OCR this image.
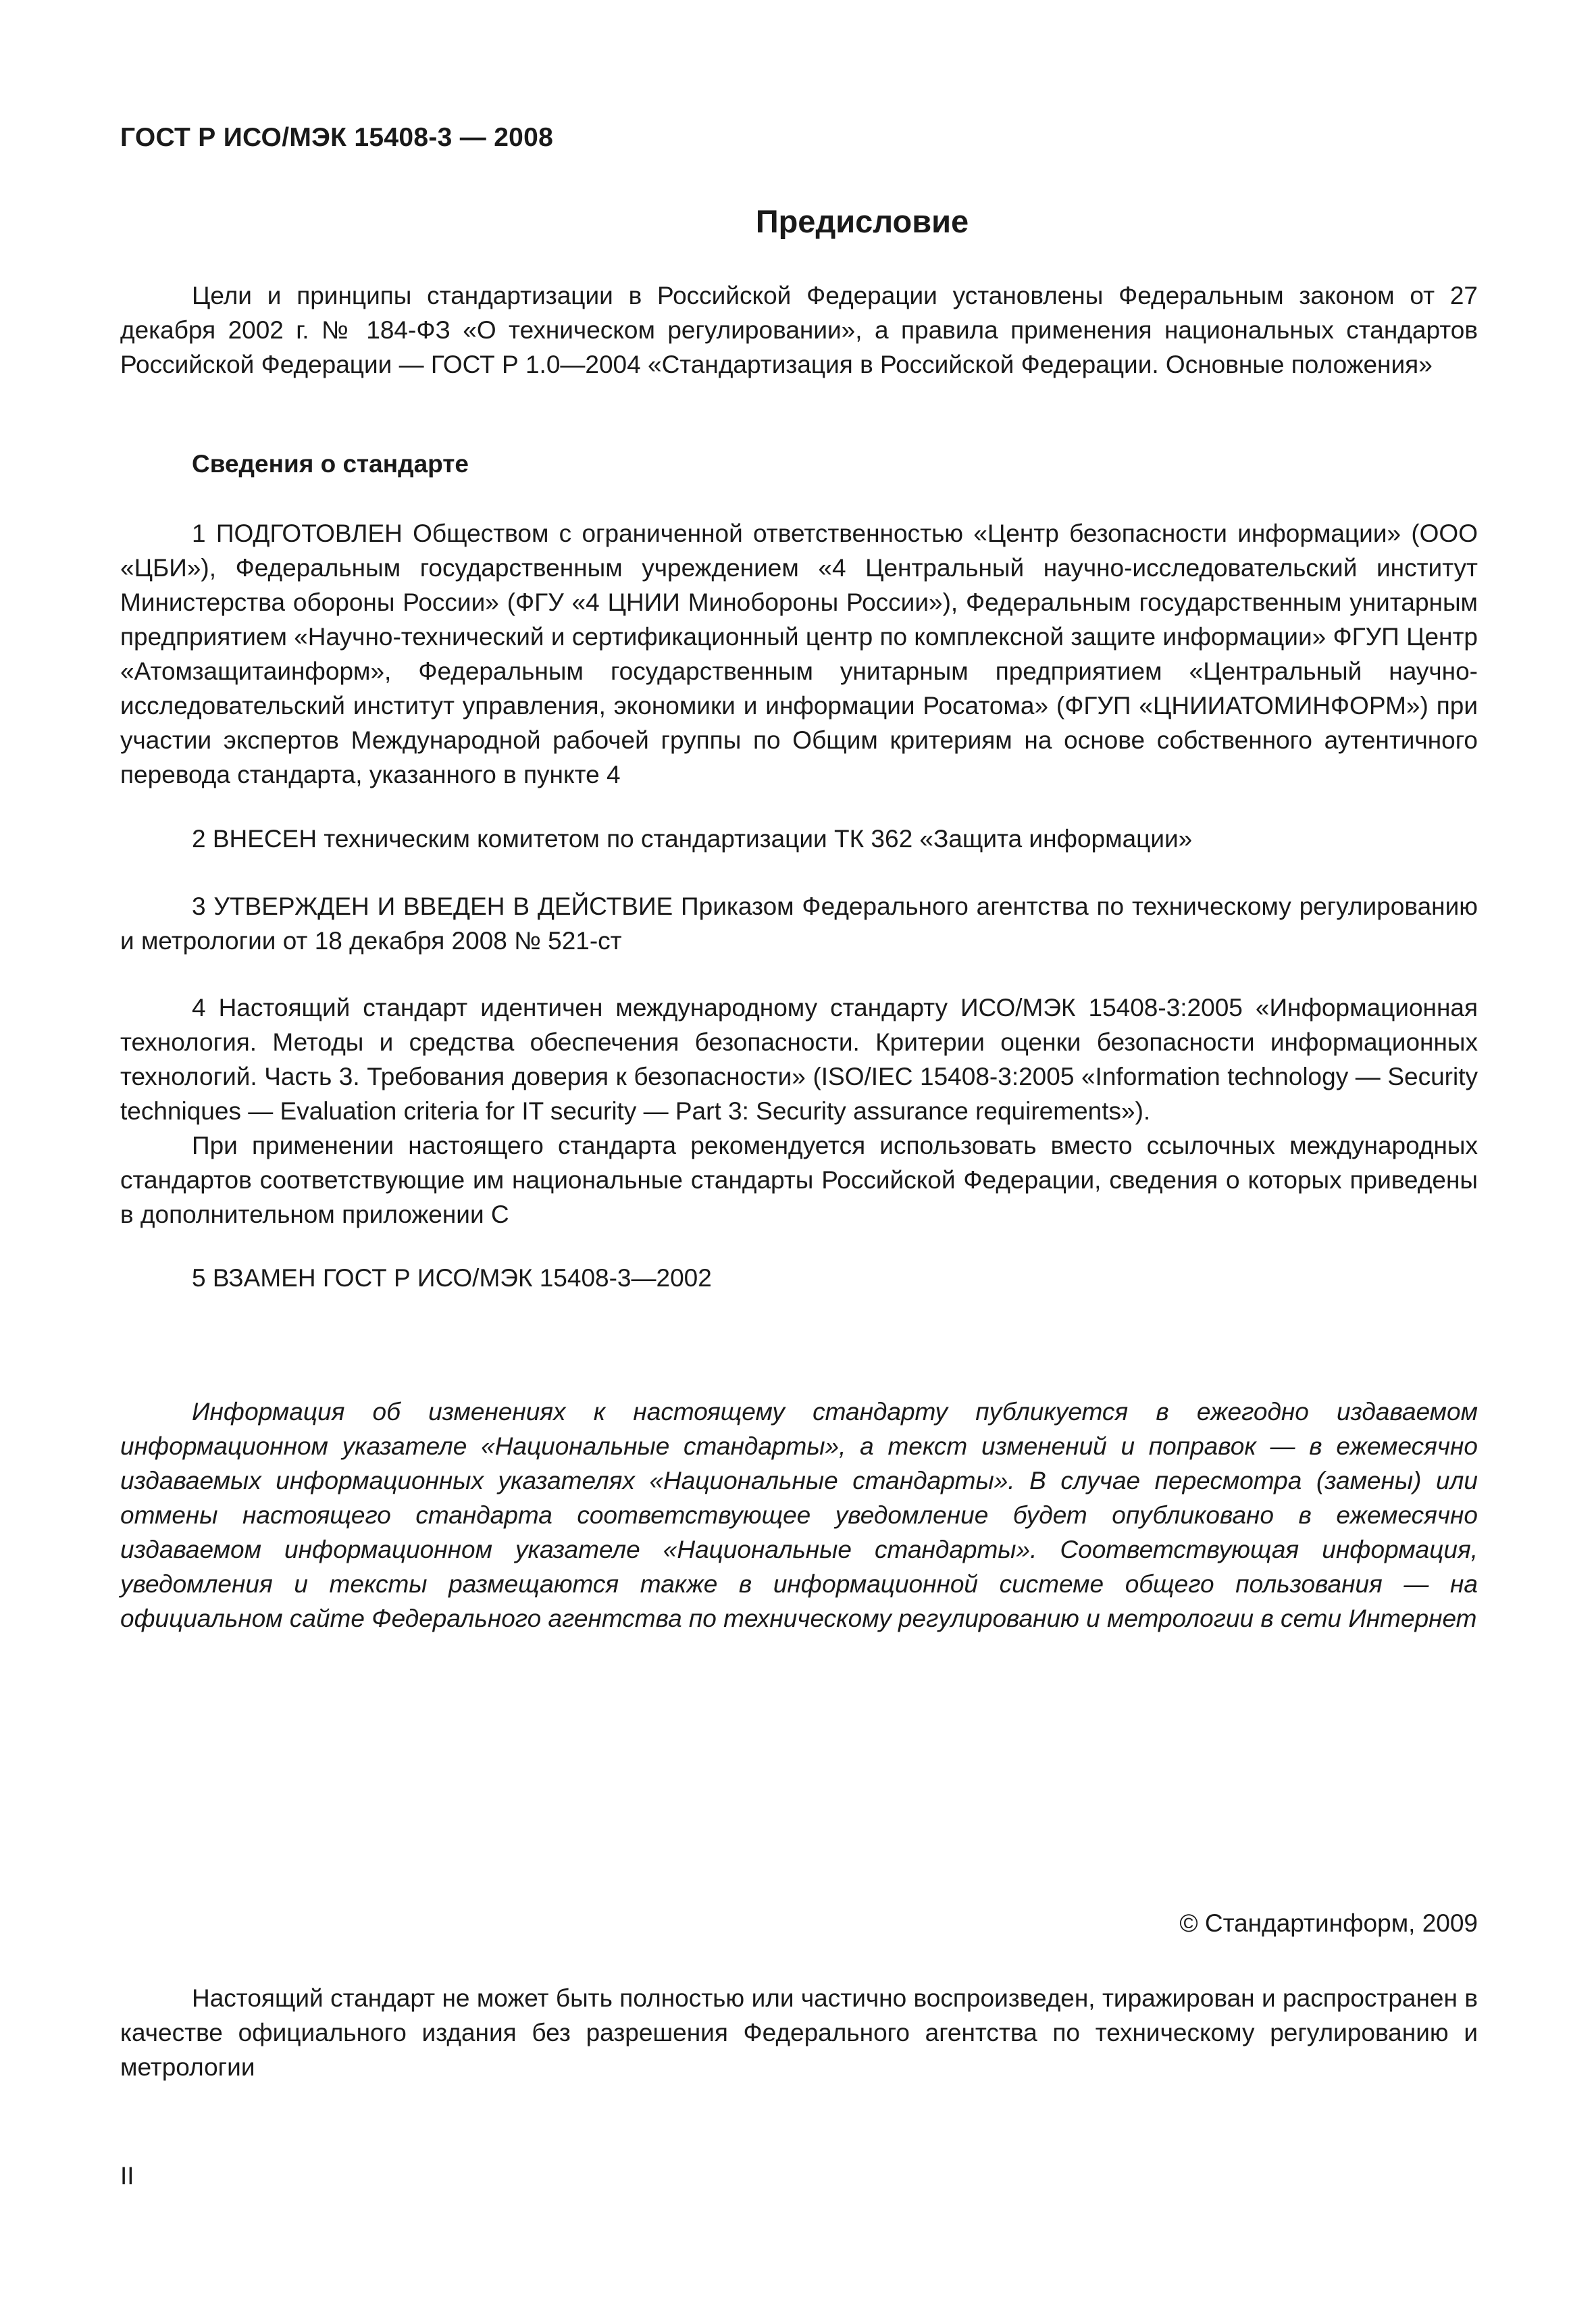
ГОСТ Р ИСО/МЭК 15408-3 — 2008
Предисловие

Цели и принципы стандартизации в Российской Федерации установлены Федеральным законом от 27 декабря 2002 г. № 184-ФЗ «О техническом регулировании», а правила применения национальных стандартов Российской Федерации — ГОСТ Р 1.0—2004 «Стандартизация в Российской Федерации. Основные положения»

Сведения о стандарте

1 ПОДГОТОВЛЕН Обществом с ограниченной ответственностью «Центр безопасности информации» (ООО «ЦБИ»), Федеральным государственным учреждением «4 Центральный научно-исследовательский институт Министерства обороны России» (ФГУ «4 ЦНИИ Минобороны России»), Федеральным государственным унитарным предприятием «Научно-технический и сертификационный центр по комплексной защите информации» ФГУП Центр «Атомзащитаинформ», Федеральным государственным унитарным предприятием «Центральный научно-исследовательский институт управления, экономики и информации Росатома» (ФГУП «ЦНИИАТОМИНФОРМ») при участии экспертов Международной рабочей группы по Общим критериям на основе собственного аутентичного перевода стандарта, указанного в пункте 4

2 ВНЕСЕН техническим комитетом по стандартизации ТК 362 «Защита информации»

3 УТВЕРЖДЕН И ВВЕДЕН В ДЕЙСТВИЕ Приказом Федерального агентства по техническому регулированию и метрологии от 18 декабря 2008 № 521-ст

4 Настоящий стандарт идентичен международному стандарту ИСО/МЭК 15408-3:2005 «Информационная технология. Методы и средства обеспечения безопасности. Критерии оценки безопасности информационных технологий. Часть 3. Требования доверия к безопасности» (ISO/IEC 15408-3:2005 «Information technology — Security techniques — Evaluation criteria for IT security — Part 3: Security assurance requirements»).

При применении настоящего стандарта рекомендуется использовать вместо ссылочных международных стандартов соответствующие им национальные стандарты Российской Федерации, сведения о которых приведены в дополнительном приложении С

5 ВЗАМЕН ГОСТ Р ИСО/МЭК 15408-3—2002

Информация об изменениях к настоящему стандарту публикуется в ежегодно издаваемом информационном указателе «Национальные стандарты», а текст изменений и поправок — в ежемесячно издаваемых информационных указателях «Национальные стандарты». В случае пересмотра (замены) или отмены настоящего стандарта соответствующее уведомление будет опубликовано в ежемесячно издаваемом информационном указателе «Национальные стандарты». Соответствующая информация, уведомления и тексты размещаются также в информационной системе общего пользования — на официальном сайте Федерального агентства по техническому регулированию и метрологии в сети Интернет

© Стандартинформ, 2009

Настоящий стандарт не может быть полностью или частично воспроизведен, тиражирован и распространен в качестве официального издания без разрешения Федерального агентства по техническому регулированию и метрологии

II
